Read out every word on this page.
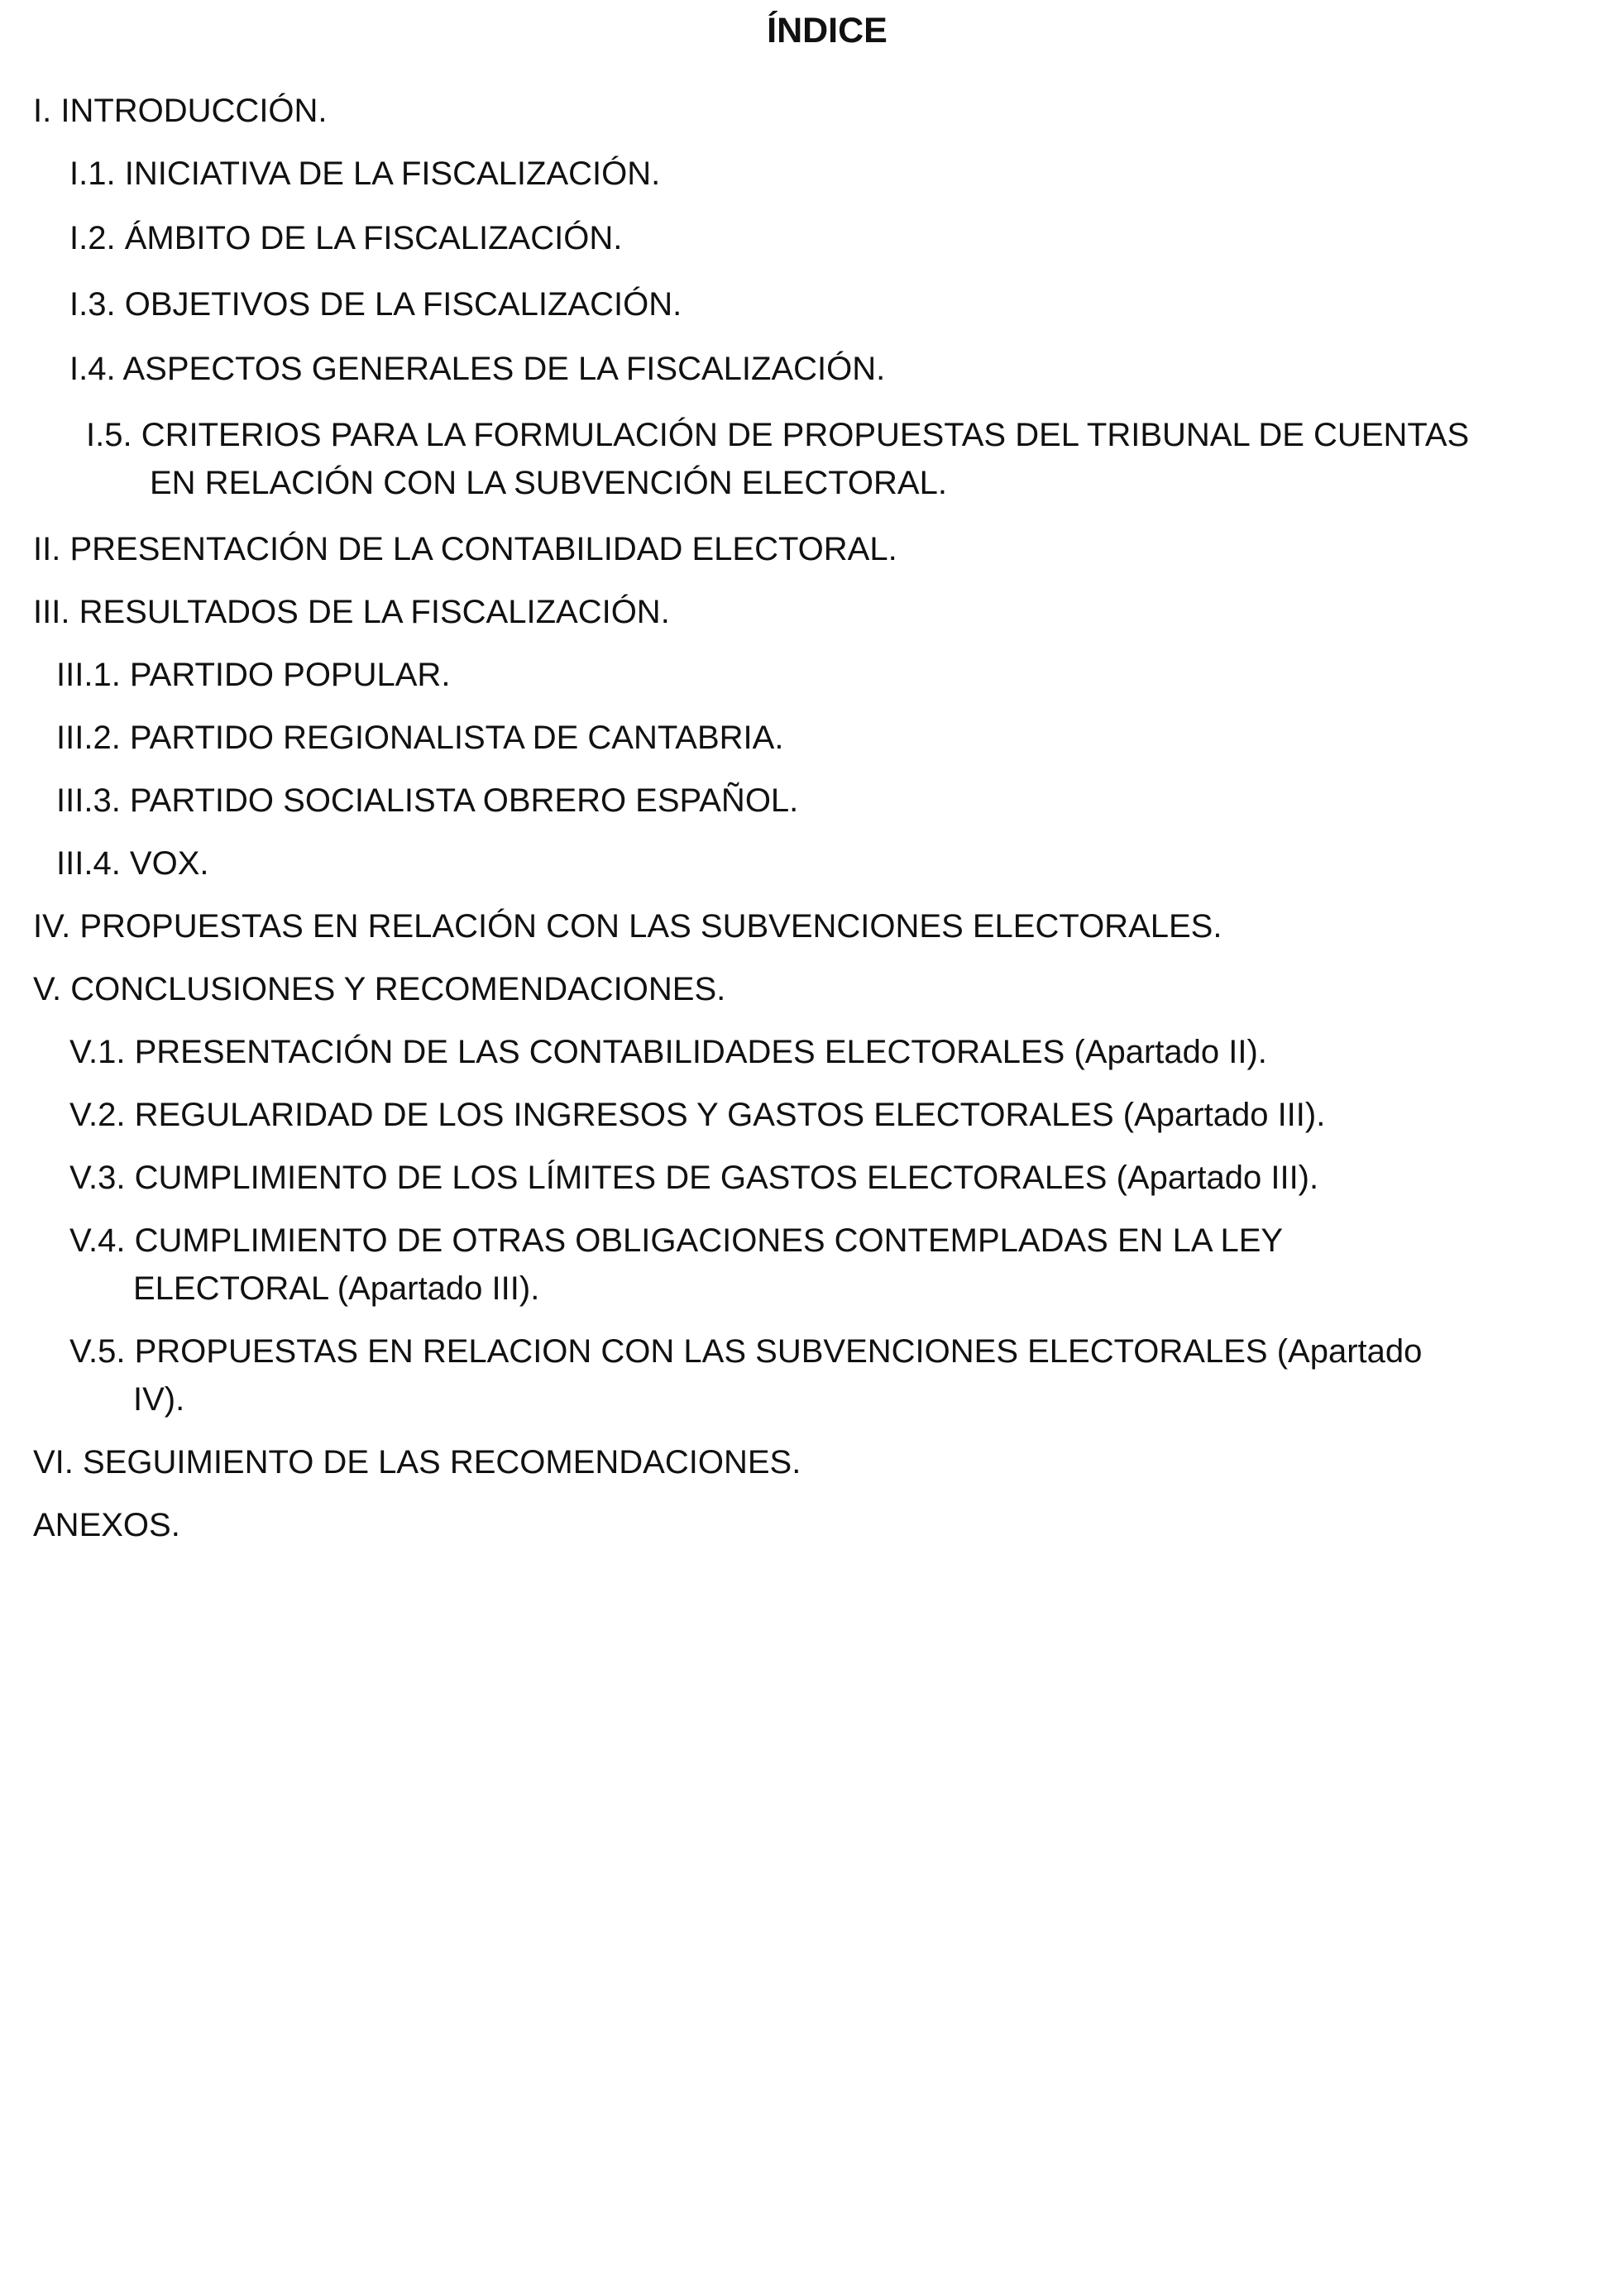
ÍNDICE

I. INTRODUCCIÓN.

I.1. INICIATIVA DE LA FISCALIZACIÓN.

I.2. ÁMBITO DE LA FISCALIZACIÓN.

I.3. OBJETIVOS DE LA FISCALIZACIÓN.

I.4. ASPECTOS GENERALES DE LA FISCALIZACIÓN.

I.5. CRITERIOS PARA LA FORMULACIÓN DE PROPUESTAS DEL TRIBUNAL DE CUENTAS
EN RELACIÓN CON LA SUBVENCIÓN ELECTORAL.

II. PRESENTACIÓN DE LA CONTABILIDAD ELECTORAL.

III. RESULTADOS DE LA FISCALIZACIÓN.

III.1. PARTIDO POPULAR.

III.2. PARTIDO REGIONALISTA DE CANTABRIA.

III.3. PARTIDO SOCIALISTA OBRERO ESPAÑOL.

III.4. VOX.

IV. PROPUESTAS EN RELACIÓN CON LAS SUBVENCIONES ELECTORALES.

V. CONCLUSIONES Y RECOMENDACIONES.

V.1. PRESENTACIÓN DE LAS CONTABILIDADES ELECTORALES (Apartado II).

V.2. REGULARIDAD DE LOS INGRESOS Y GASTOS ELECTORALES (Apartado III).

V.3. CUMPLIMIENTO DE LOS LÍMITES DE GASTOS ELECTORALES (Apartado III).

V.4. CUMPLIMIENTO DE OTRAS OBLIGACIONES CONTEMPLADAS EN LA LEY
ELECTORAL (Apartado III).

V.5. PROPUESTAS EN RELACION CON LAS SUBVENCIONES ELECTORALES (Apartado
IV).

VI. SEGUIMIENTO DE LAS RECOMENDACIONES.

ANEXOS.
